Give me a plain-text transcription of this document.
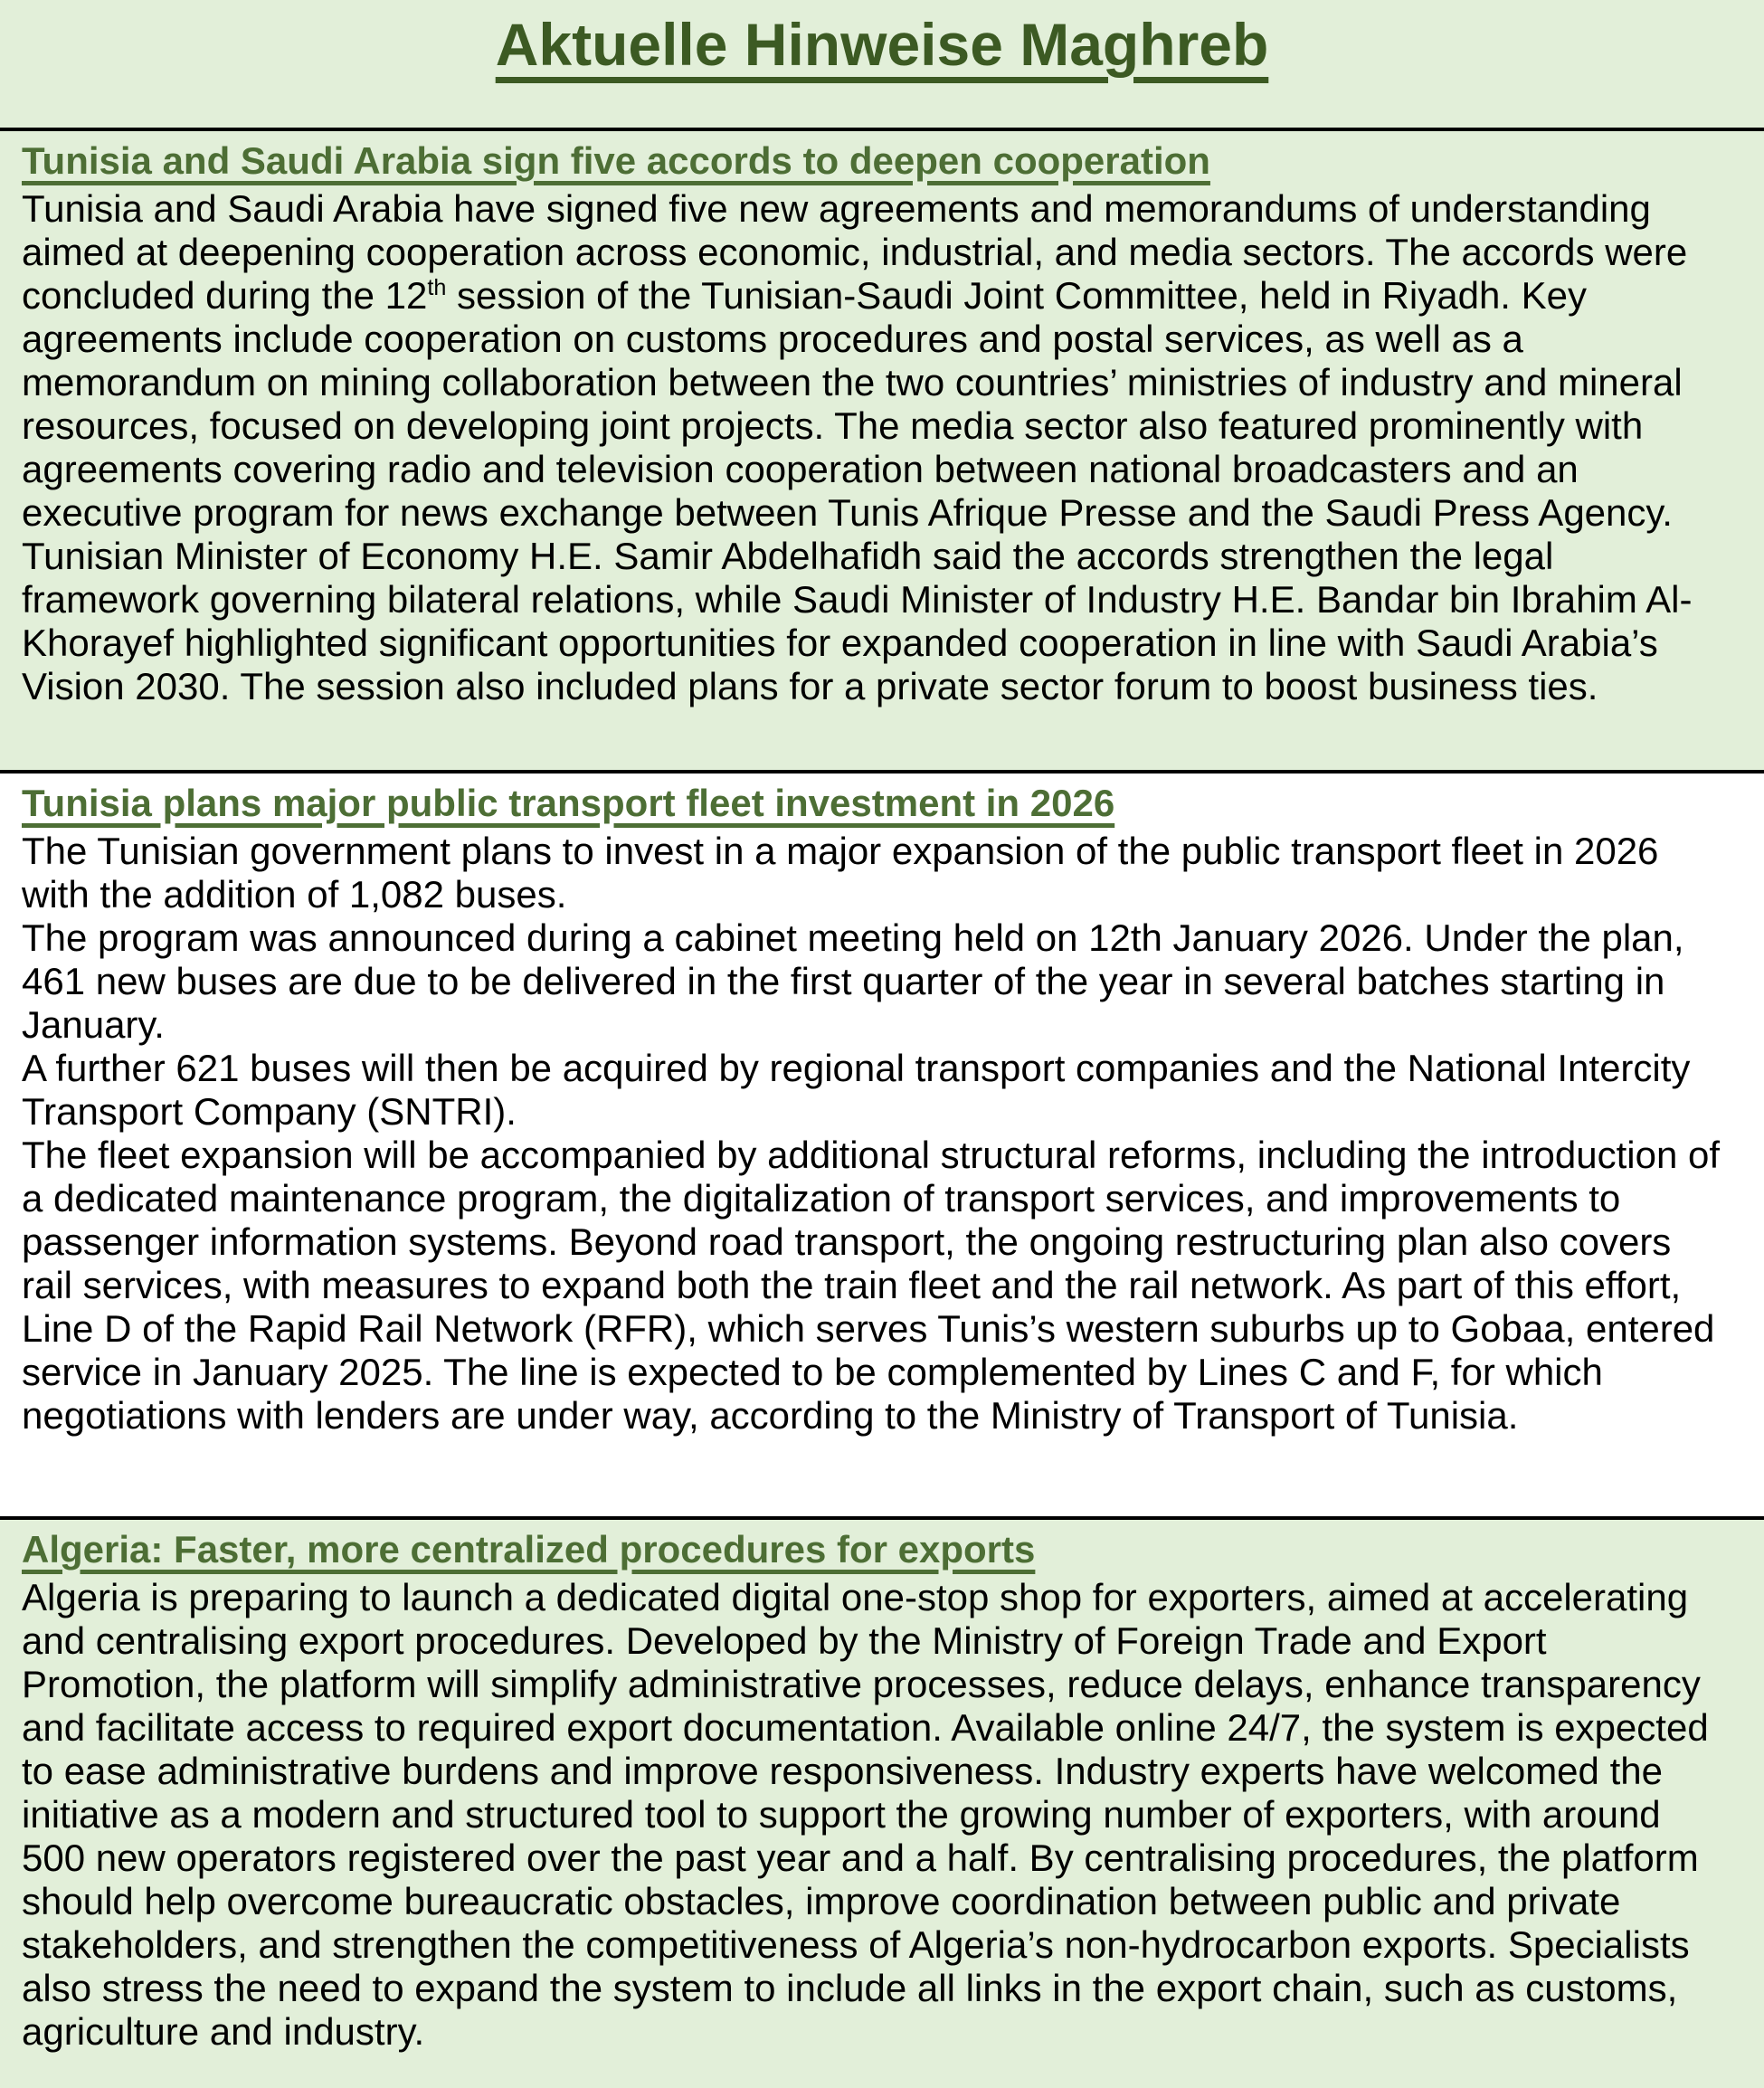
Aktuelle Hinweise Maghreb
Tunisia and Saudi Arabia sign five accords to deepen cooperation

Tunisia and Saudi Arabia have signed five new agreements and memorandums of understanding aimed at deepening cooperation across economic, industrial, and media sectors. The accords were concluded during the 12th session of the Tunisian-Saudi Joint Committee, held in Riyadh. Key agreements include cooperation on customs procedures and postal services, as well as a memorandum on mining collaboration between the two countries’ ministries of industry and mineral resources, focused on developing joint projects. The media sector also featured prominently with agreements covering radio and television cooperation between national broadcasters and an executive program for news exchange between Tunis Afrique Presse and the Saudi Press Agency. Tunisian Minister of Economy H.E. Samir Abdelhafidh said the accords strengthen the legal framework governing bilateral relations, while Saudi Minister of Industry H.E. Bandar bin Ibrahim Al-Khorayef highlighted significant opportunities for expanded cooperation in line with Saudi Arabia’s Vision 2030. The session also included plans for a private sector forum to boost business ties.

Tunisia plans major public transport fleet investment in 2026

The Tunisian government plans to invest in a major expansion of the public transport fleet in 2026 with the addition of 1,082 buses.

The program was announced during a cabinet meeting held on 12th January 2026. Under the plan, 461 new buses are due to be delivered in the first quarter of the year in several batches starting in January.

A further 621 buses will then be acquired by regional transport companies and the National Intercity Transport Company (SNTRI).

The fleet expansion will be accompanied by additional structural reforms, including the introduction of a dedicated maintenance program, the digitalization of transport services, and improvements to passenger information systems. Beyond road transport, the ongoing restructuring plan also covers rail services, with measures to expand both the train fleet and the rail network. As part of this effort, Line D of the Rapid Rail Network (RFR), which serves Tunis’s western suburbs up to Gobaa, entered service in January 2025. The line is expected to be complemented by Lines C and F, for which negotiations with lenders are under way, according to the Ministry of Transport of Tunisia.

Algeria: Faster, more centralized procedures for exports

Algeria is preparing to launch a dedicated digital one-stop shop for exporters, aimed at accelerating and centralising export procedures. Developed by the Ministry of Foreign Trade and Export Promotion, the platform will simplify administrative processes, reduce delays, enhance transparency and facilitate access to required export documentation. Available online 24/7, the system is expected to ease administrative burdens and improve responsiveness. Industry experts have welcomed the initiative as a modern and structured tool to support the growing number of exporters, with around 500 new operators registered over the past year and a half. By centralising procedures, the platform should help overcome bureaucratic obstacles, improve coordination between public and private stakeholders, and strengthen the competitiveness of Algeria’s non-hydrocarbon exports. Specialists also stress the need to expand the system to include all links in the export chain, such as customs, agriculture and industry.
